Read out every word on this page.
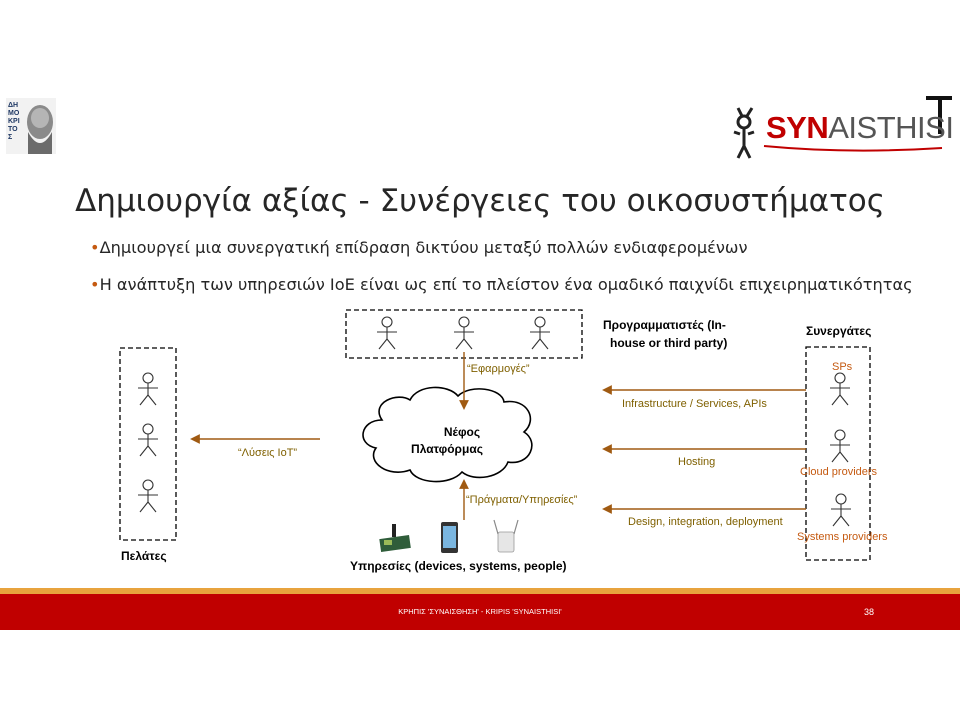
ΔΗΜΟΚΡΙΤΟΣ	SYNAISTHISI
Δημιουργία αξίας - Συνέργειες του οικοσυστήματος
•Δημιουργεί μια συνεργατική επίδραση δικτύου μεταξύ πολλών ενδιαφερομένων
•Η ανάπτυξη των υπηρεσιών IoE είναι ως επί το πλείστον ένα ομαδικό παιχνίδι επιχειρηματικότητας
Προγραμματιστές (In-
house or third party)
Συνεργάτες
“Εφαρμογές”
“Λύσεις IoT”
“Πράγματα/Υπηρεσίες”
Infrastructure / Services, APIs
Hosting
Design, integration, deployment
SPs
Cloud providers
Systems providers
Νέφος
Πλατφόρμας
Πελάτες
Υπηρεσίες (devices, systems, people)
ΚΡΗΠΙΣ 'ΣΥΝΑΙΣΘΗΣΗ' - KRIPIS 'SYNAISTHISI'	38
